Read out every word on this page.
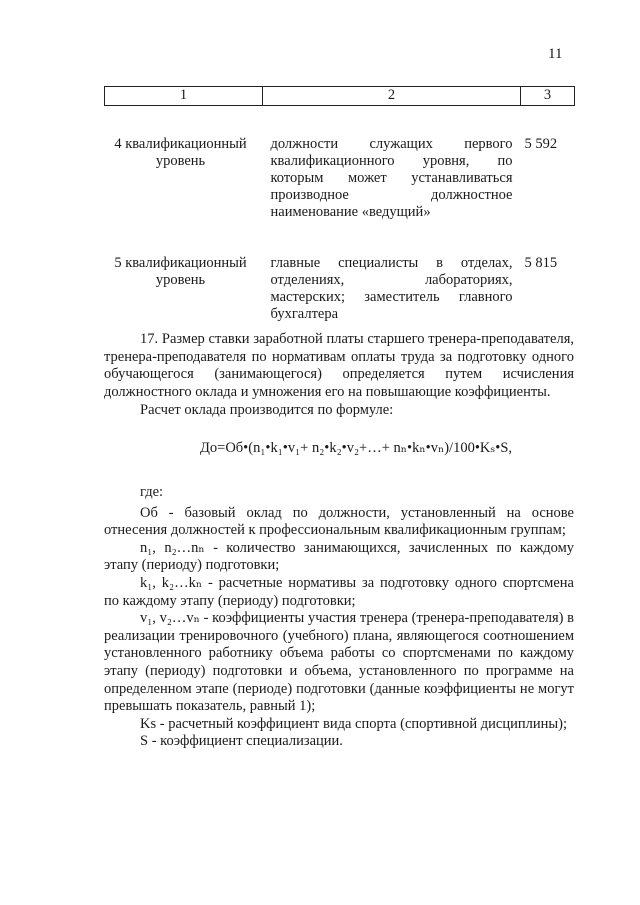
11
1	2	3
4 квалификационный уровень	должности служащих первого квалификационного уровня, по которым может устанавливаться производное должностное наименование «ведущий»	5 592
5 квалификационный уровень	главные специалисты в отделах, отделениях, лабораториях, мастерских; заместитель главного бухгалтера	5 815

17. Размер ставки заработной платы старшего тренера-преподавателя, тренера-преподавателя по нормативам оплаты труда за подготовку одного обучающегося (занимающегося) определяется путем исчисления должностного оклада и умножения его на повышающие коэффициенты.

Расчет оклада производится по формуле:

До=Об•(n₁•k₁•v₁+ n₂•k₂•v₂+…+ nₙ•kₙ•vₙ)/100•Kₛ•S,

где:

Об - базовый оклад по должности, установленный на основе отнесения должностей к профессиональным квалификационным группам;

n₁, n₂…nₙ - количество занимающихся, зачисленных по каждому этапу (периоду) подготовки;

k₁, k₂…kₙ - расчетные нормативы за подготовку одного спортсмена по каждому этапу (периоду) подготовки;

v₁, v₂…vₙ - коэффициенты участия тренера (тренера-преподавателя) в реализации тренировочного (учебного) плана, являющегося соотношением установленного работнику объема работы со спортсменами по каждому этапу (периоду) подготовки и объема, установленного по программе на определенном этапе (периоде) подготовки (данные коэффициенты не могут превышать показатель, равный 1);

Ks - расчетный коэффициент вида спорта (спортивной дисциплины);

S - коэффициент специализации.
